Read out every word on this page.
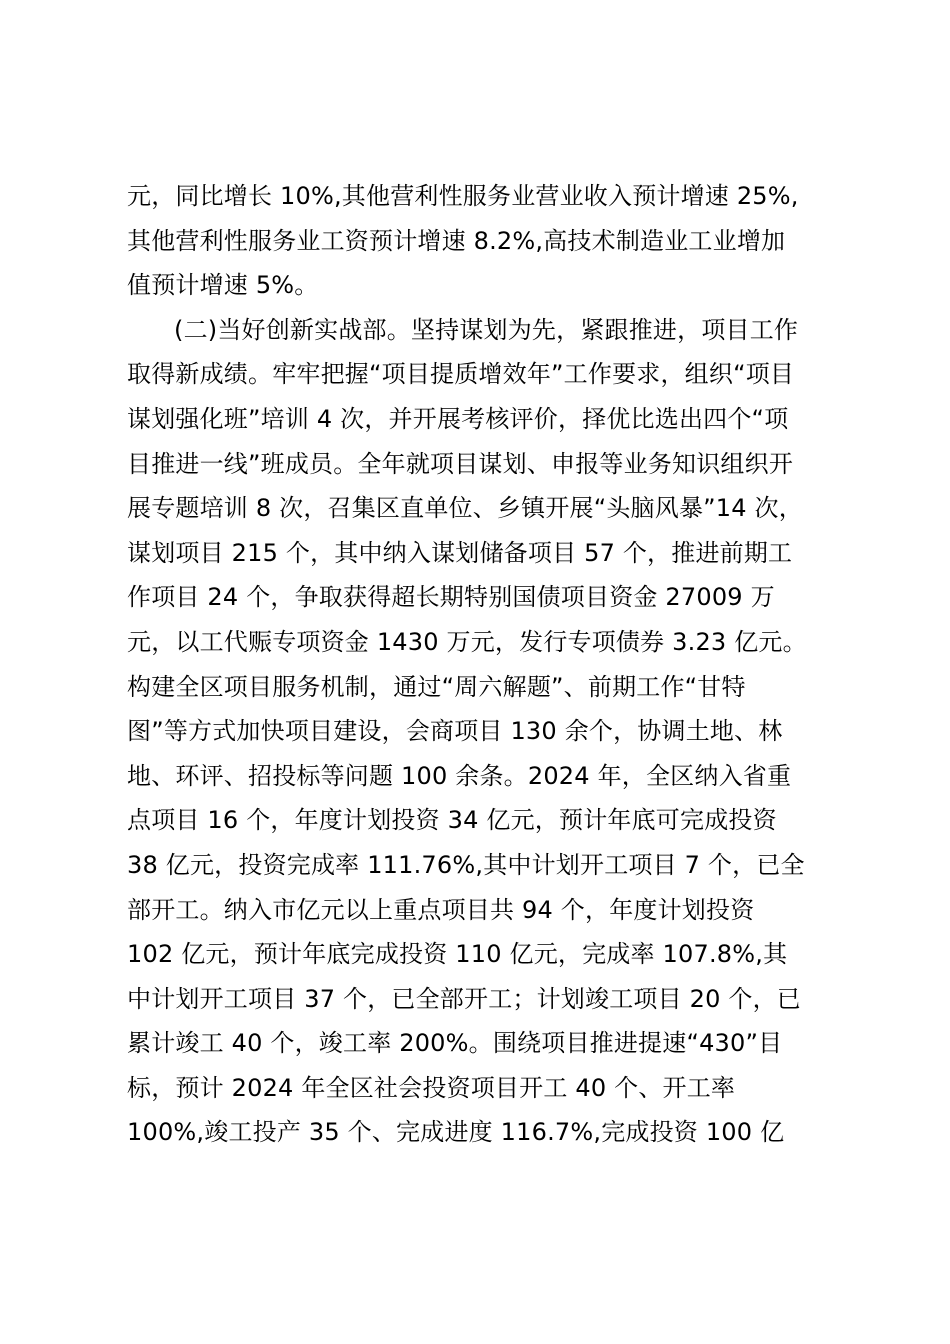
元，同比增长 10%,其他营利性服务业营业收入预计增速 25%,
其他营利性服务业工资预计增速 8.2%,高技术制造业工业增加
值预计增速 5%。
(二)当好创新实战部。坚持谋划为先，紧跟推进，项目工作
取得新成绩。牢牢把握“项目提质增效年”工作要求，组织“项目
谋划强化班”培训 4 次，并开展考核评价，择优比选出四个“项
目推进一线”班成员。全年就项目谋划、申报等业务知识组织开
展专题培训 8 次，召集区直单位、乡镇开展“头脑风暴”14 次，
谋划项目 215 个，其中纳入谋划储备项目 57 个，推进前期工
作项目 24 个，争取获得超长期特别国债项目资金 27009 万
元，以工代赈专项资金 1430 万元，发行专项债券 3.23 亿元。
构建全区项目服务机制，通过“周六解题”、前期工作“甘特
图”等方式加快项目建设，会商项目 130 余个，协调土地、林
地、环评、招投标等问题 100 余条。2024 年，全区纳入省重
点项目 16 个，年度计划投资 34 亿元，预计年底可完成投资
38 亿元，投资完成率 111.76%,其中计划开工项目 7 个，已全
部开工。纳入市亿元以上重点项目共 94 个，年度计划投资
102 亿元，预计年底完成投资 110 亿元，完成率 107.8%,其
中计划开工项目 37 个，已全部开工；计划竣工项目 20 个，已
累计竣工 40 个，竣工率 200%。围绕项目推进提速“430”目
标，预计 2024 年全区社会投资项目开工 40 个、开工率
100%,竣工投产 35 个、完成进度 116.7%,完成投资 100 亿
